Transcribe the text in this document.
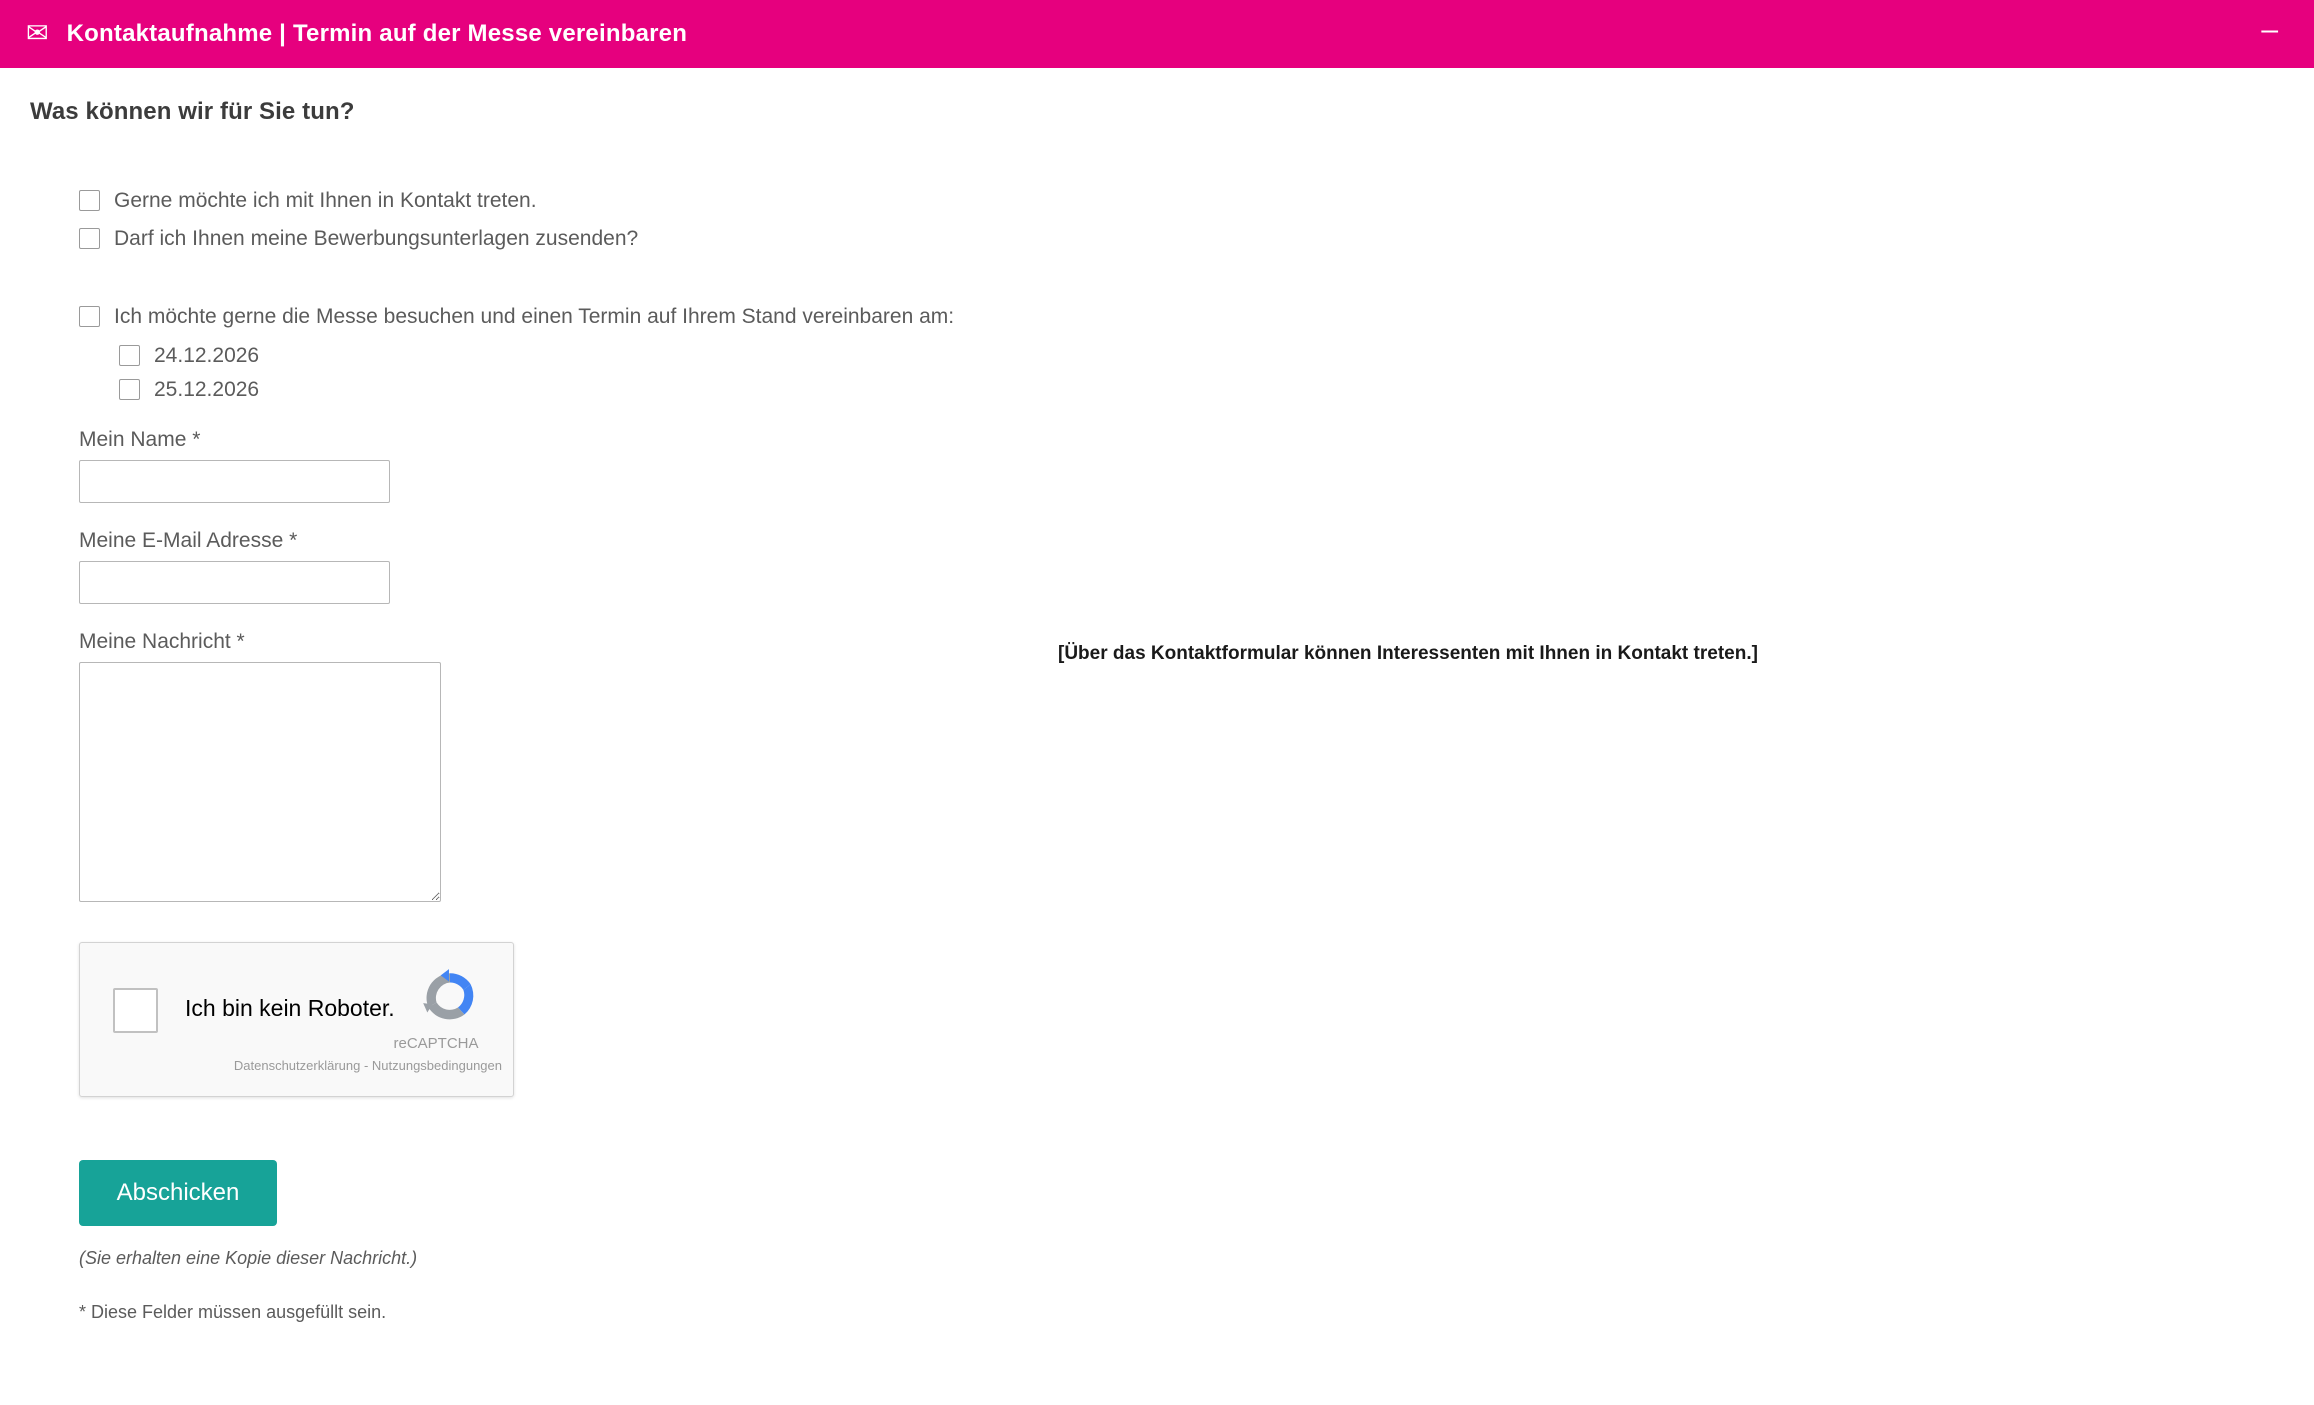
✉ Kontaktaufnahme | Termin auf der Messe vereinbaren	–
Was können wir für Sie tun?
Gerne möchte ich mit Ihnen in Kontakt treten.
Darf ich Ihnen meine Bewerbungsunterlagen zusenden?
Ich möchte gerne die Messe besuchen und einen Termin auf Ihrem Stand vereinbaren am:
24.12.2026
25.12.2026
Mein Name *
Meine E-Mail Adresse *
Meine Nachricht *
Ich bin kein Roboter.
reCAPTCHA
Datenschutzerklärung - Nutzungsbedingungen
Abschicken
(Sie erhalten eine Kopie dieser Nachricht.)
* Diese Felder müssen ausgefüllt sein.
[Über das Kontaktformular können Interessenten mit Ihnen in Kontakt treten.]
